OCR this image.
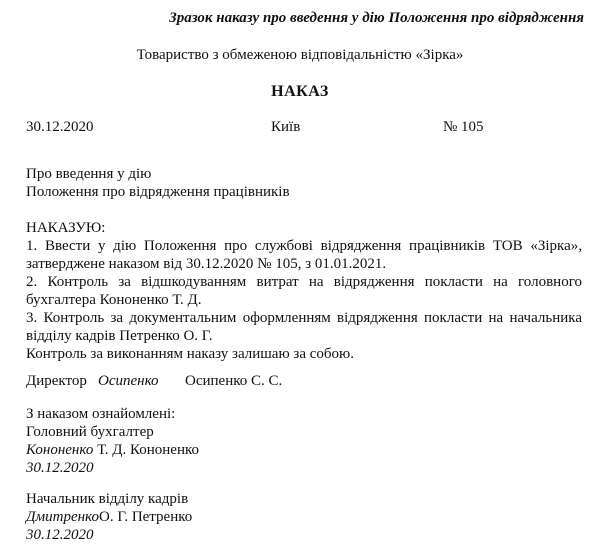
Зразок наказу про введення у дію Положення про відрядження
Товариство з обмеженою відповідальністю «Зірка»
НАКАЗ
30.12.2020	Київ	№ 105
Про введення у дію
Положення про відрядження працівників
НАКАЗУЮ:
1. Ввести у дію Положення про службові відрядження працівників ТОВ «Зірка»,
затверджене наказом від 30.12.2020 № 105, з 01.01.2021.
2. Контроль за відшкодуванням витрат на відрядження покласти на головного
бухгалтера Кононенко Т. Д.
3. Контроль за документальним оформленням відрядження покласти на начальника
відділу кадрів Петренко О. Г.
Контроль за виконанням наказу залишаю за собою.
Директор Осипенко Осипенко С. С.
З наказом ознайомлені:
Головний бухгалтер
Кононенко Т. Д. Кононенко
30.12.2020
Начальник відділу кадрів
ДмитренкоО. Г. Петренко
30.12.2020
